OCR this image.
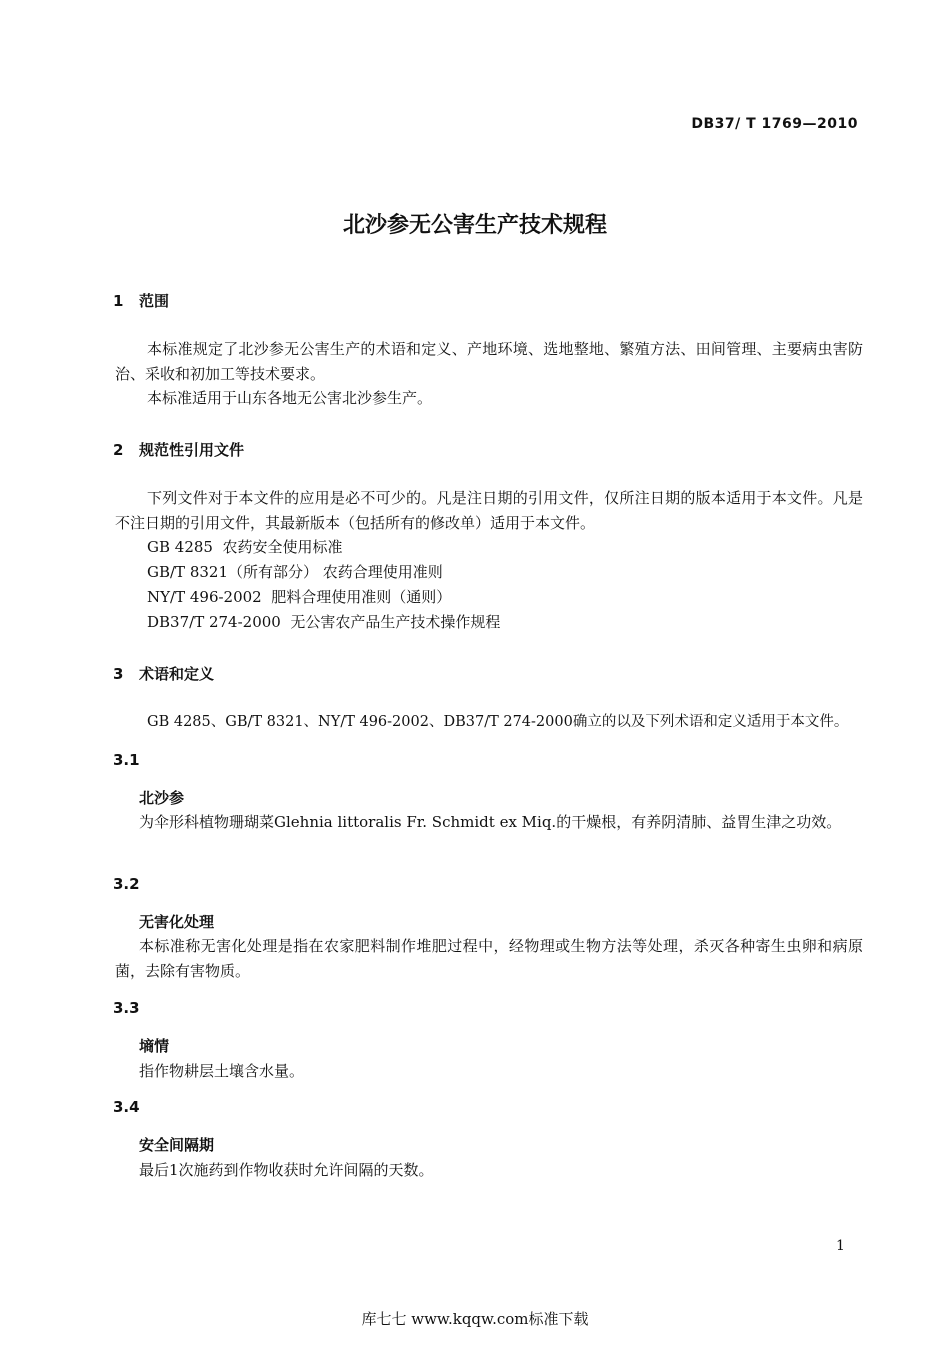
DB37/ T 1769—2010
北沙参无公害生产技术规程
1 范围
本标准规定了北沙参无公害生产的术语和定义、产地环境、选地整地、繁殖方法、田间管理、主要病虫害防治、采收和初加工等技术要求。
本标准适用于山东各地无公害北沙参生产。
2 规范性引用文件
下列文件对于本文件的应用是必不可少的。凡是注日期的引用文件，仅所注日期的版本适用于本文件。凡是不注日期的引用文件，其最新版本（包括所有的修改单）适用于本文件。
GB 4285  农药安全使用标准
GB/T 8321（所有部分） 农药合理使用准则
NY/T 496-2002  肥料合理使用准则（通则）
DB37/T 274-2000  无公害农产品生产技术操作规程
3 术语和定义
GB 4285、GB/T 8321、NY/T 496-2002、DB37/T 274-2000确立的以及下列术语和定义适用于本文件。
3.1
北沙参
为伞形科植物珊瑚菜Glehnia littoralis Fr. Schmidt ex Miq.的干燥根，有养阴清肺、益胃生津之功效。
3.2
无害化处理
本标准称无害化处理是指在农家肥料制作堆肥过程中，经物理或生物方法等处理，杀灭各种寄生虫卵和病原菌，去除有害物质。
3.3
墒情
指作物耕层土壤含水量。
3.4
安全间隔期
最后1次施药到作物收获时允许间隔的天数。
1
库七七 www.kqqw.com标准下载
